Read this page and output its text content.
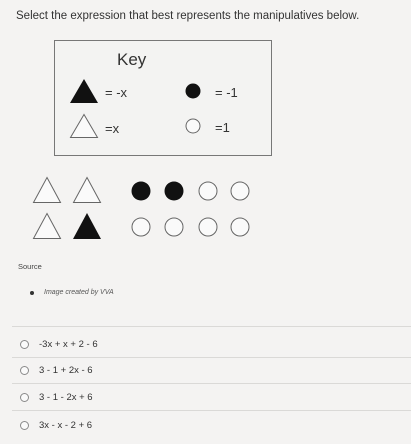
Select the expression that best represents the manipulatives below.
Key
= -x	= -1
=x	=1
Source
Image created by VVA
-3x + x + 2 - 6
3 - 1 + 2x - 6
3 - 1 - 2x + 6
3x - x - 2 + 6
